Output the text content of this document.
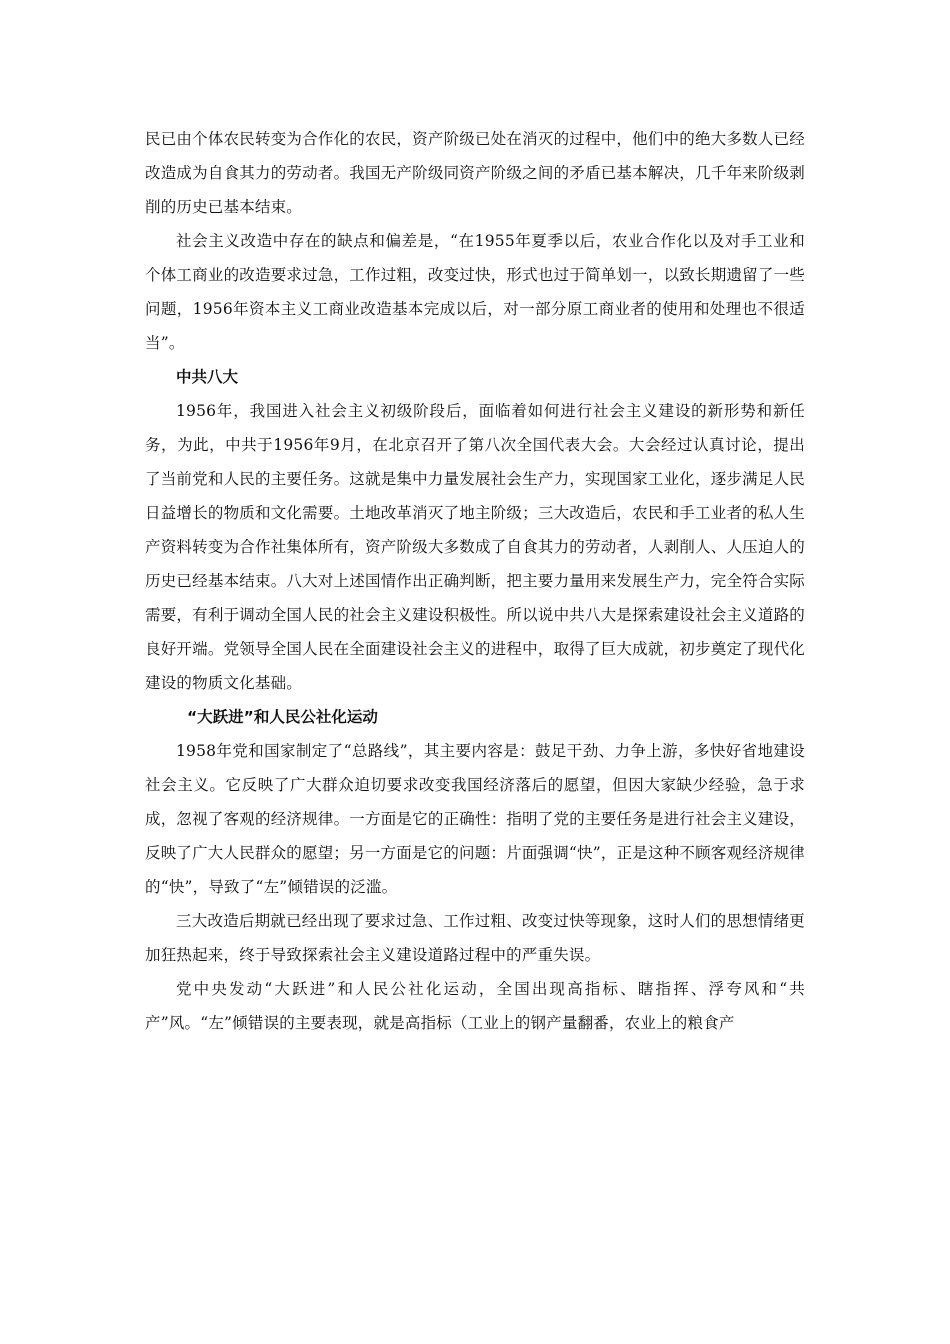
民已由个体农民转变为合作化的农民，资产阶级已处在消灭的过程中，他们中的绝大多数人已经改造成为自食其力的劳动者。我国无产阶级同资产阶级之间的矛盾已基本解决，几千年来阶级剥削的历史已基本结束。

社会主义改造中存在的缺点和偏差是，“在1955年夏季以后，农业合作化以及对手工业和个体工商业的改造要求过急，工作过粗，改变过快，形式也过于简单划一，以致长期遗留了一些问题，1956年资本主义工商业改造基本完成以后，对一部分原工商业者的使用和处理也不很适当”。

中共八大

1956年，我国进入社会主义初级阶段后，面临着如何进行社会主义建设的新形势和新任务，为此，中共于1956年9月，在北京召开了第八次全国代表大会。大会经过认真讨论，提出了当前党和人民的主要任务。这就是集中力量发展社会生产力，实现国家工业化，逐步满足人民日益增长的物质和文化需要。土地改革消灭了地主阶级；三大改造后，农民和手工业者的私人生产资料转变为合作社集体所有，资产阶级大多数成了自食其力的劳动者，人剥削人、人压迫人的历史已经基本结束。八大对上述国情作出正确判断，把主要力量用来发展生产力，完全符合实际需要，有利于调动全国人民的社会主义建设积极性。所以说中共八大是探索建设社会主义道路的良好开端。党领导全国人民在全面建设社会主义的进程中，取得了巨大成就，初步奠定了现代化建设的物质文化基础。

“大跃进”和人民公社化运动

1958年党和国家制定了“总路线”，其主要内容是：鼓足干劲、力争上游，多快好省地建设社会主义。它反映了广大群众迫切要求改变我国经济落后的愿望，但因大家缺少经验，急于求成，忽视了客观的经济规律。一方面是它的正确性：指明了党的主要任务是进行社会主义建设，反映了广大人民群众的愿望；另一方面是它的问题：片面强调“快”，正是这种不顾客观经济规律的“快”，导致了“左”倾错误的泛滥。

三大改造后期就已经出现了要求过急、工作过粗、改变过快等现象，这时人们的思想情绪更加狂热起来，终于导致探索社会主义建设道路过程中的严重失误。

党中央发动“大跃进”和人民公社化运动，全国出现高指标、瞎指挥、浮夸风和“共产”风。“左”倾错误的主要表现，就是高指标（工业上的钢产量翻番，农业上的粮食产
